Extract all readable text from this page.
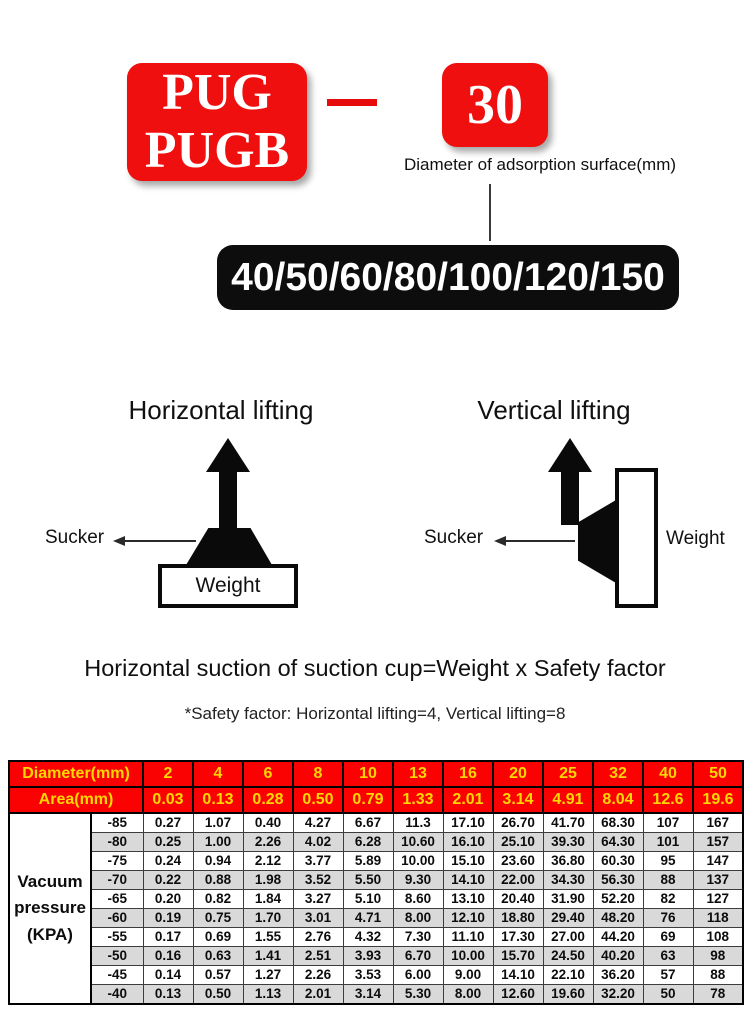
PUG
PUGB
30
Diameter of adsorption surface(mm)
40/50/60/80/100/120/150
Horizontal lifting
Weight
Sucker
Vertical lifting
Sucker	Weight
Horizontal suction of suction cup=Weight x Safety factor
*Safety factor: Horizontal lifting=4, Vertical lifting=8
Diameter(mm)		2	4	6	8	10	13	16	20	25	32	40	50
Area(mm)		0.03	0.13	0.28	0.50	0.79	1.33	2.01	3.14	4.91	8.04	12.6	19.6
Vacuum pressure (KPA)	-85	0.27	1.07	0.40	4.27	6.67	11.3	17.10	26.70	41.70	68.30	107	167
	-80	0.25	1.00	2.26	4.02	6.28	10.60	16.10	25.10	39.30	64.30	101	157
	-75	0.24	0.94	2.12	3.77	5.89	10.00	15.10	23.60	36.80	60.30	95	147
	-70	0.22	0.88	1.98	3.52	5.50	9.30	14.10	22.00	34.30	56.30	88	137
	-65	0.20	0.82	1.84	3.27	5.10	8.60	13.10	20.40	31.90	52.20	82	127
	-60	0.19	0.75	1.70	3.01	4.71	8.00	12.10	18.80	29.40	48.20	76	118
	-55	0.17	0.69	1.55	2.76	4.32	7.30	11.10	17.30	27.00	44.20	69	108
	-50	0.16	0.63	1.41	2.51	3.93	6.70	10.00	15.70	24.50	40.20	63	98
	-45	0.14	0.57	1.27	2.26	3.53	6.00	9.00	14.10	22.10	36.20	57	88
	-40	0.13	0.50	1.13	2.01	3.14	5.30	8.00	12.60	19.60	32.20	50	78
